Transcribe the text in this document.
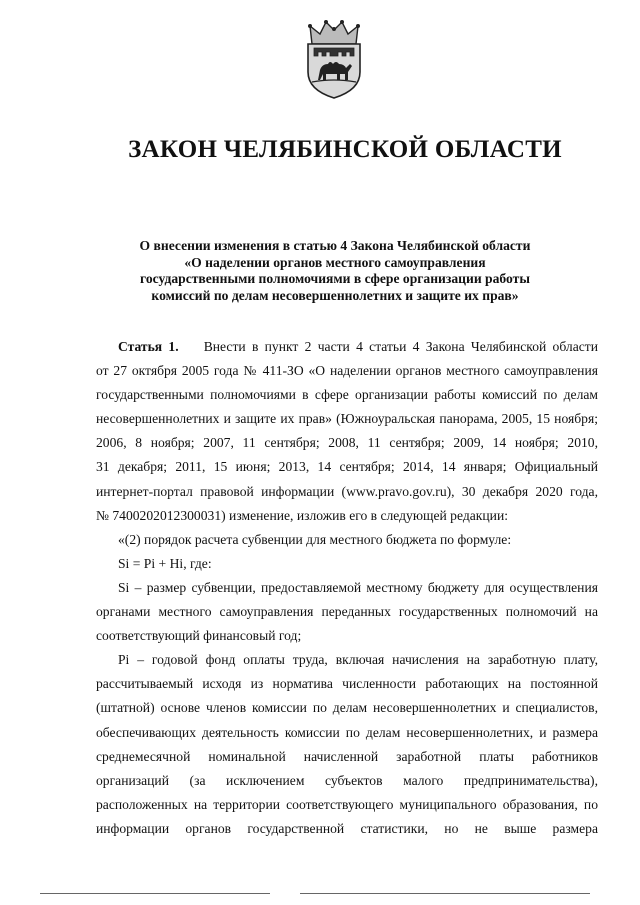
ЗАКОН ЧЕЛЯБИНСКОЙ ОБЛАСТИ
О внесении изменения в статью 4 Закона Челябинской области
«О наделении органов местного самоуправления
государственными полномочиями в сфере организации работы
комиссий по делам несовершеннолетних и защите их прав»
Статья 1. Внести в пункт 2 части 4 статьи 4 Закона Челябинской области
от 27 октября 2005 года № 411-ЗО «О наделении органов местного самоуправления
государственными полномочиями в сфере организации работы комиссий по делам
несовершеннолетних и защите их прав» (Южноуральская панорама, 2005, 15 ноября;
2006, 8 ноября; 2007, 11 сентября; 2008, 11 сентября; 2009, 14 ноября; 2010,
31 декабря; 2011, 15 июня; 2013, 14 сентября; 2014, 14 января; Официальный
интернет-портал правовой информации (www.pravo.gov.ru), 30 декабря 2020 года,
№ 7400202012300031) изменение, изложив его в следующей редакции:
«(2) порядок расчета субвенции для местного бюджета по формуле:
Si = Pi + Hi, где:
Si – размер субвенции, предоставляемой местному бюджету для осуществления
органами местного самоуправления переданных государственных полномочий на
соответствующий финансовый год;
Pi – годовой фонд оплаты труда, включая начисления на заработную плату,
рассчитываемый исходя из норматива численности работающих на постоянной
(штатной) основе членов комиссии по делам несовершеннолетних и специалистов,
обеспечивающих деятельность комиссии по делам несовершеннолетних, и размера
среднемесячной номинальной начисленной заработной платы работников
организаций (за исключением субъектов малого предпринимательства),
расположенных на территории соответствующего муниципального образования, по
информации органов государственной статистики, но не выше размера
